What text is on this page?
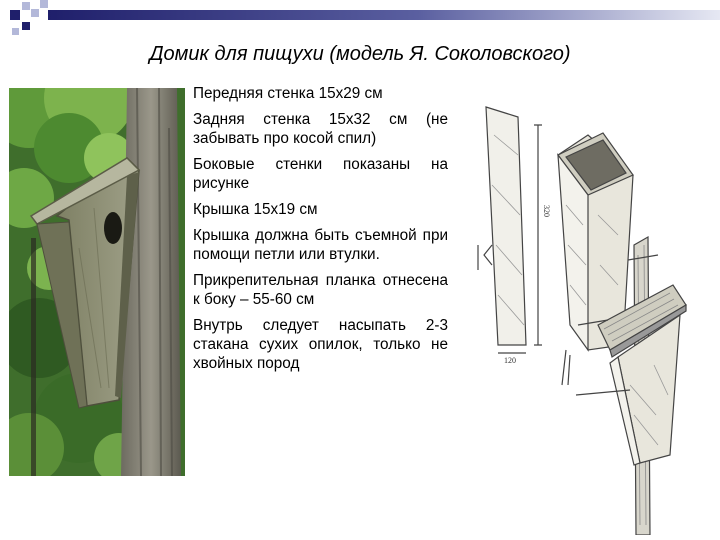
Домик для пищухи (модель Я. Соколовского)
Передняя стенка 15х29 см
Задняя стенка 15х32 см (не забывать про косой спил)
Боковые стенки показаны на рисунке
Крышка 15х19 см
Крышка должна быть съемной при помощи петли или втулки.
Прикрепительная планка отнесена к боку – 55-60 см
Внутрь следует насыпать 2-3 стакана сухих опилок, только не хвойных пород
320
120
